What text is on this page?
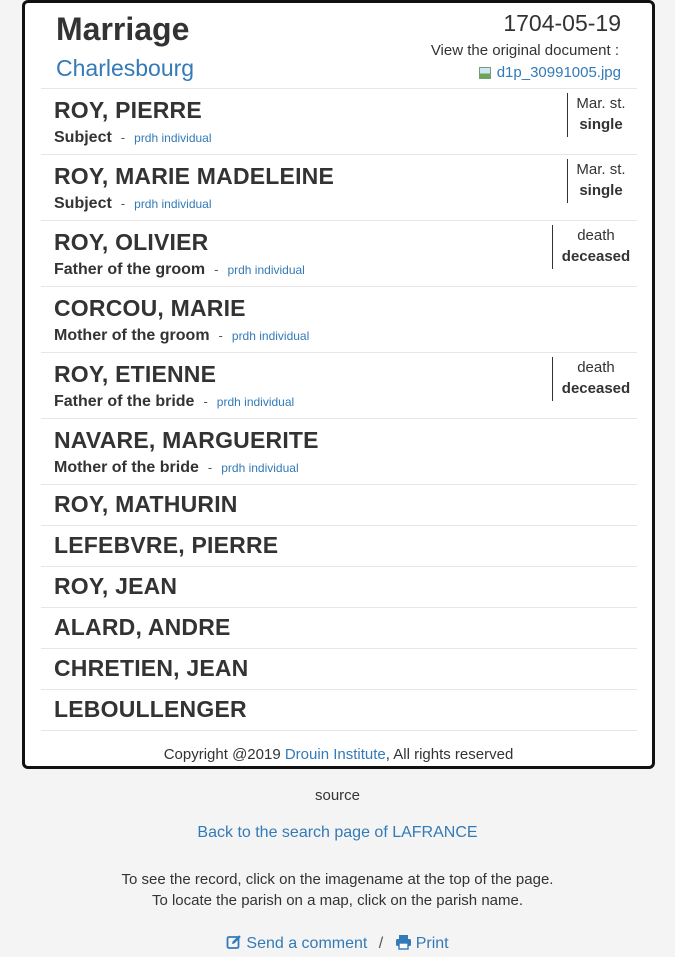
Marriage
Charlesbourg
1704-05-19
View the original document :
d1p_30991005.jpg
ROY, PIERRE
Subject - prdh individual
Mar. st.
single
ROY, MARIE MADELEINE
Subject - prdh individual
Mar. st.
single
ROY, OLIVIER
Father of the groom - prdh individual
death
deceased
CORCOU, MARIE
Mother of the groom - prdh individual
ROY, ETIENNE
Father of the bride - prdh individual
death
deceased
NAVARE, MARGUERITE
Mother of the bride - prdh individual
ROY, MATHURIN
LEFEBVRE, PIERRE
ROY, JEAN
ALARD, ANDRE
CHRETIEN, JEAN
LEBOULLENGER
Copyright @2019 Drouin Institute, All rights reserved
source
Back to the search page of LAFRANCE
To see the record, click on the imagename at the top of the page.
To locate the parish on a map, click on the parish name.
Send a comment / Print
